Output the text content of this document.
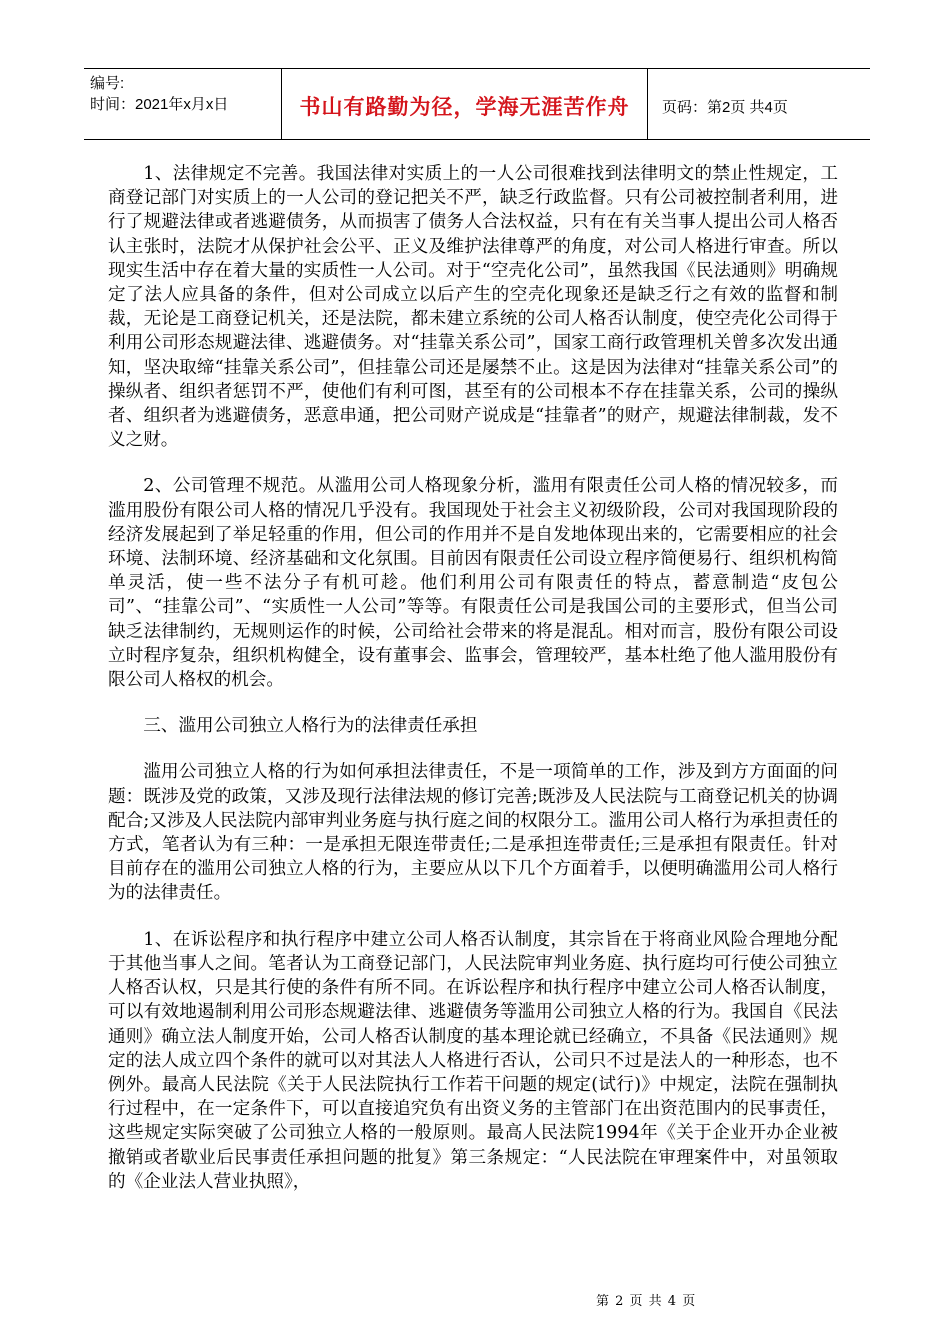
编号:
时间：2021年x月x日	书山有路勤为径，学海无涯苦作舟	页码：第2页 共4页

1、法律规定不完善。我国法律对实质上的一人公司很难找到法律明文的禁止性规定，工商登记部门对实质上的一人公司的登记把关不严，缺乏行政监督。只有公司被控制者利用，进行了规避法律或者逃避债务，从而损害了债务人合法权益，只有在有关当事人提出公司人格否认主张时，法院才从保护社会公平、正义及维护法律尊严的角度，对公司人格进行审查。所以现实生活中存在着大量的实质性一人公司。对于“空壳化公司”，虽然我国《民法通则》明确规定了法人应具备的条件，但对公司成立以后产生的空壳化现象还是缺乏行之有效的监督和制裁，无论是工商登记机关，还是法院，都未建立系统的公司人格否认制度，使空壳化公司得于利用公司形态规避法律、逃避债务。对“挂靠关系公司”，国家工商行政管理机关曾多次发出通知，坚决取缔“挂靠关系公司”，但挂靠公司还是屡禁不止。这是因为法律对“挂靠关系公司”的操纵者、组织者惩罚不严，使他们有利可图，甚至有的公司根本不存在挂靠关系，公司的操纵者、组织者为逃避债务，恶意串通，把公司财产说成是“挂靠者”的财产，规避法律制裁，发不义之财。

2、公司管理不规范。从滥用公司人格现象分析，滥用有限责任公司人格的情况较多，而滥用股份有限公司人格的情况几乎没有。我国现处于社会主义初级阶段，公司对我国现阶段的经济发展起到了举足轻重的作用，但公司的作用并不是自发地体现出来的，它需要相应的社会环境、法制环境、经济基础和文化氛围。目前因有限责任公司设立程序简便易行、组织机构简单灵活，使一些不法分子有机可趁。他们利用公司有限责任的特点，蓄意制造“皮包公司”、“挂靠公司”、“实质性一人公司”等等。有限责任公司是我国公司的主要形式，但当公司缺乏法律制约，无规则运作的时候，公司给社会带来的将是混乱。相对而言，股份有限公司设立时程序复杂，组织机构健全，设有董事会、监事会，管理较严，基本杜绝了他人滥用股份有限公司人格权的机会。

三、滥用公司独立人格行为的法律责任承担

滥用公司独立人格的行为如何承担法律责任，不是一项简单的工作，涉及到方方面面的问题：既涉及党的政策，又涉及现行法律法规的修订完善;既涉及人民法院与工商登记机关的协调配合;又涉及人民法院内部审判业务庭与执行庭之间的权限分工。滥用公司人格行为承担责任的方式，笔者认为有三种：一是承担无限连带责任;二是承担连带责任;三是承担有限责任。针对目前存在的滥用公司独立人格的行为，主要应从以下几个方面着手，以便明确滥用公司人格行为的法律责任。

1、在诉讼程序和执行程序中建立公司人格否认制度，其宗旨在于将商业风险合理地分配于其他当事人之间。笔者认为工商登记部门，人民法院审判业务庭、执行庭均可行使公司独立人格否认权，只是其行使的条件有所不同。在诉讼程序和执行程序中建立公司人格否认制度，可以有效地遏制利用公司形态规避法律、逃避债务等滥用公司独立人格的行为。我国自《民法通则》确立法人制度开始，公司人格否认制度的基本理论就已经确立，不具备《民法通则》规定的法人成立四个条件的就可以对其法人人格进行否认，公司只不过是法人的一种形态，也不例外。最高人民法院《关于人民法院执行工作若干问题的规定(试行)》中规定，法院在强制执行过程中，在一定条件下，可以直接追究负有出资义务的主管部门在出资范围内的民事责任，这些规定实际突破了公司独立人格的一般原则。最高人民法院1994年《关于企业开办企业被撤销或者歇业后民事责任承担问题的批复》第三条规定：“人民法院在审理案件中，对虽领取的《企业法人营业执照》，

第 2 页 共 4 页
